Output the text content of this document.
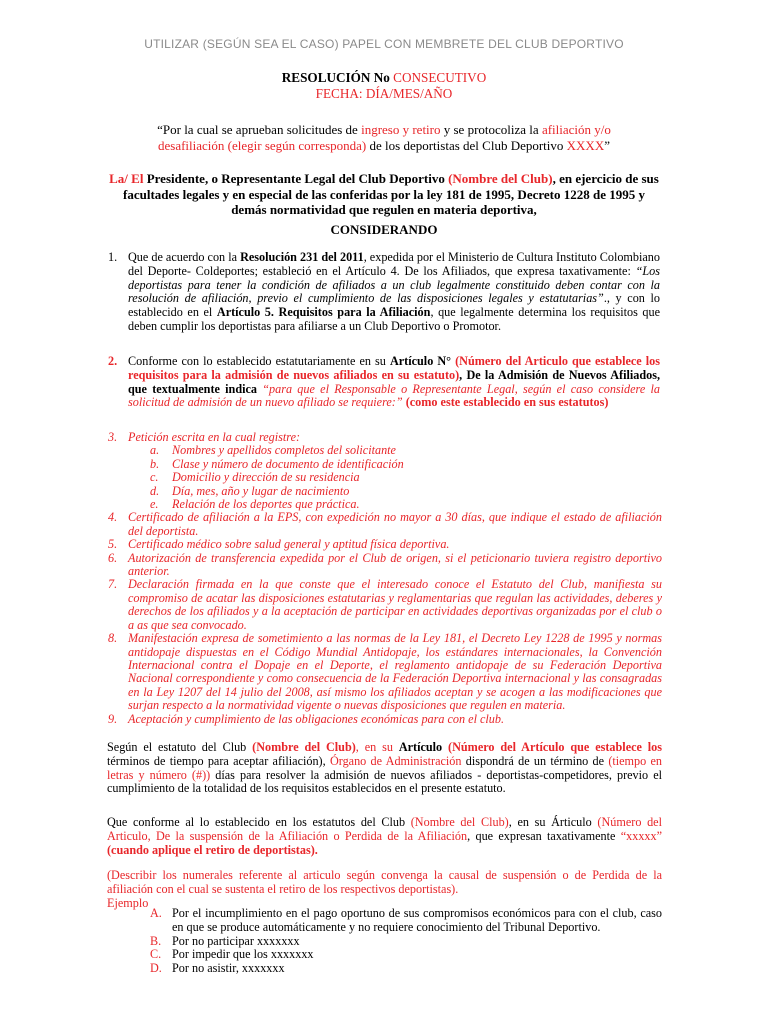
UTILIZAR (SEGÚN SEA EL CASO) PAPEL CON MEMBRETE DEL CLUB DEPORTIVO
RESOLUCIÓN No CONSECUTIVO
FECHA: DÍA/MES/AÑO
“Por la cual se aprueban solicitudes de ingreso y retiro y se protocoliza la afiliación y/o desafiliación (elegir según corresponda) de los deportistas del Club Deportivo XXXX”
La/ El Presidente, o Representante Legal del Club Deportivo (Nombre del Club), en ejercicio de sus facultades legales y en especial de las conferidas por la ley 181 de 1995, Decreto 1228 de 1995 y demás normatividad que regulen en materia deportiva,
CONSIDERANDO
1. Que de acuerdo con la Resolución 231 del 2011, expedida por el Ministerio de Cultura Instituto Colombiano del Deporte- Coldeportes; estableció en el Artículo 4. De los Afiliados, que expresa taxativamente: “Los deportistas para tener la condición de afiliados a un club legalmente constituido deben contar con la resolución de afiliación, previo el cumplimiento de las disposiciones legales y estatutarias”., y con lo establecido en el Artículo 5. Requisitos para la Afiliación, que legalmente determina los requisitos que deben cumplir los deportistas para afiliarse a un Club Deportivo o Promotor.
2. Conforme con lo establecido estatutariamente en su Artículo N° (Número del Articulo que establece los requisitos para la admisión de nuevos afiliados en su estatuto), De la Admisión de Nuevos Afiliados, que textualmente indica “para que el Responsable o Representante Legal, según el caso considere la solicitud de admisión de un nuevo afiliado se requiere:” (como este establecido en sus estatutos)
3. Petición escrita en la cual registre:
a. Nombres y apellidos completos del solicitante
b. Clase y número de documento de identificación
c. Domicilio y dirección de su residencia
d. Día, mes, año y lugar de nacimiento
e. Relación de los deportes que práctica.
4. Certificado de afiliación a la EPS, con expedición no mayor a 30 días, que indique el estado de afiliación del deportista.
5. Certificado médico sobre salud general y aptitud física deportiva.
6. Autorización de transferencia expedida por el Club de origen, si el peticionario tuviera registro deportivo anterior.
7. Declaración firmada en la que conste que el interesado conoce el Estatuto del Club, manifiesta su compromiso de acatar las disposiciones estatutarias y reglamentarias que regulan las actividades, deberes y derechos de los afiliados y a la aceptación de participar en actividades deportivas organizadas por el club o a as que sea convocado.
8. Manifestación expresa de sometimiento a las normas de la Ley 181, el Decreto Ley 1228 de 1995 y normas antidopaje dispuestas en el Código Mundial Antidopaje, los estándares internacionales, la Convención Internacional contra el Dopaje en el Deporte, el reglamento antidopaje de su Federación Deportiva Nacional correspondiente y como consecuencia de la Federación Deportiva internacional y las consagradas en la Ley 1207 del 14 julio del 2008, así mismo los afiliados aceptan y se acogen a las modificaciones que surjan respecto a la normatividad vigente o nuevas disposiciones que regulen en materia.
9. Aceptación y cumplimiento de las obligaciones económicas para con el club.
Según el estatuto del Club (Nombre del Club), en su Artículo (Número del Artículo que establece los términos de tiempo para aceptar afiliación), Órgano de Administración dispondrá de un término de (tiempo en letras y número (#)) días para resolver la admisión de nuevos afiliados - deportistas-competidores, previo el cumplimiento de la totalidad de los requisitos establecidos en el presente estatuto.
Que conforme al lo establecido en los estatutos del Club (Nombre del Club), en su Árticulo (Número del Articulo, De la suspensión de la Afiliación o Perdida de la Afiliación, que expresan taxativamente “xxxxx” (cuando aplique el retiro de deportistas).
(Describir los numerales referente al articulo según convenga la causal de suspensión o de Perdida de la afiliación con el cual se sustenta el retiro de los respectivos deportistas).
Ejemplo
A. Por el incumplimiento en el pago oportuno de sus compromisos económicos para con el club, caso en que se produce automáticamente y no requiere conocimiento del Tribunal Deportivo.
B. Por no participar xxxxxxx
C. Por impedir que los xxxxxxx
D. Por no asistir, xxxxxxx
